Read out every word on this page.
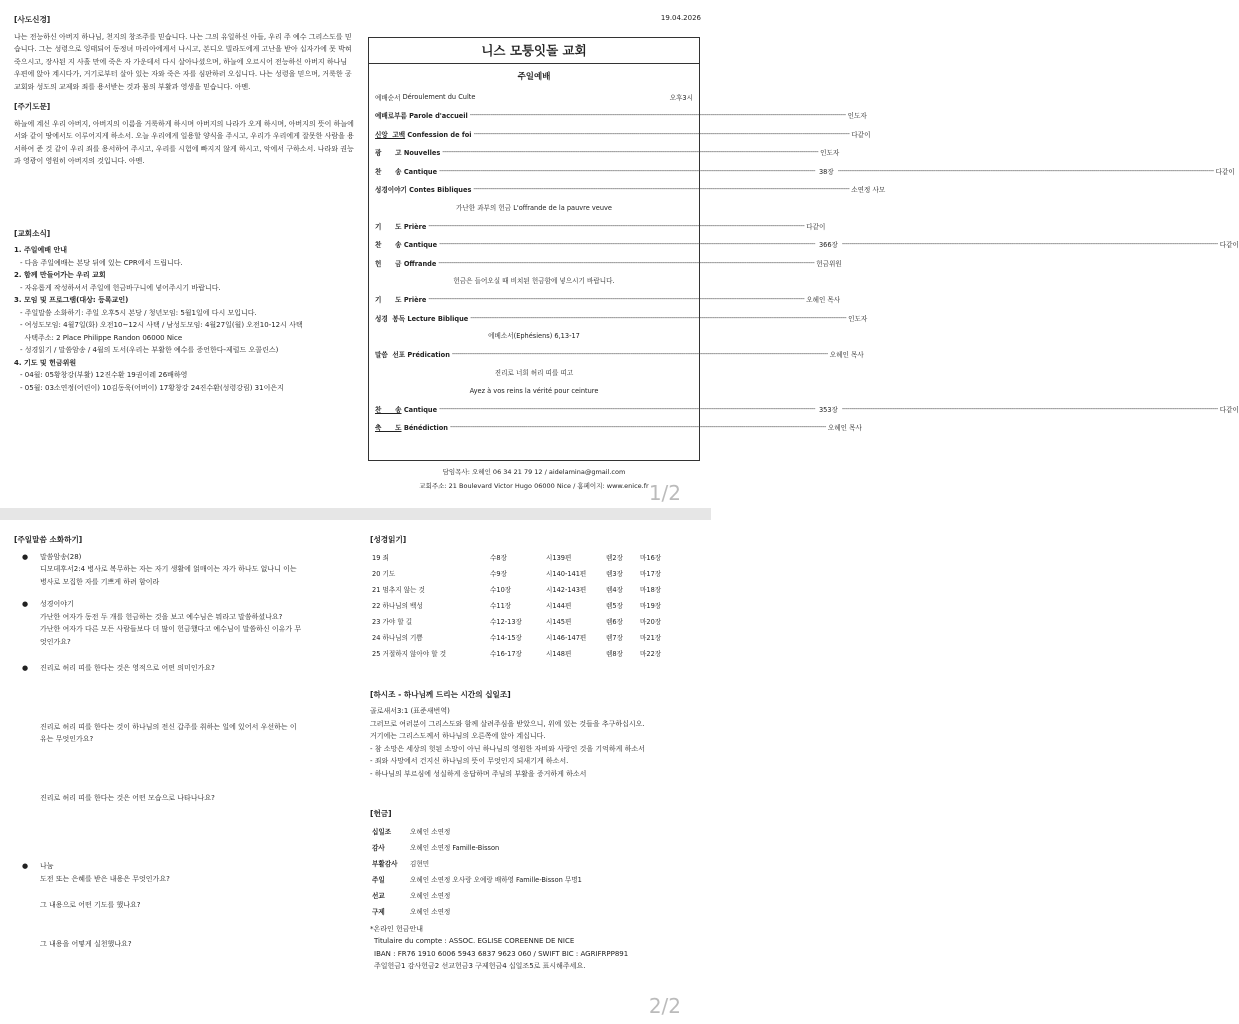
19.04.2026
[사도신경]
나는 전능하신 아버지 하나님, 천지의 창조주를 믿습니다. 나는 그의 유일하신 아들, 우리 주 예수 그리스도를 믿습니다. 그는 성령으로 잉태되어 동정녀 마리아에게서 나시고, 본디오 빌라도에게 고난을 받아 십자가에 못 박혀 죽으시고, 장사된 지 사흘 만에 죽은 자 가운데서 다시 살아나셨으며, 하늘에 오르시어 전능하신 아버지 하나님 우편에 앉아 계시다가, 거기로부터 살아 있는 자와 죽은 자를 심판하러 오십니다. 나는 성령을 믿으며, 거룩한 공교회와 성도의 교제와 죄를 용서받는 것과 몸의 부활과 영생을 믿습니다. 아멘.
[주기도문]
하늘에 계신 우리 아버지, 아버지의 이름을 거룩하게 하시며 아버지의 나라가 오게 하시며, 아버지의 뜻이 하늘에서와 같이 땅에서도 이루어지게 하소서. 오늘 우리에게 일용할 양식을 주시고, 우리가 우리에게 잘못한 사람을 용서하여 준 것 같이 우리 죄를 용서하여 주시고, 우리를 시험에 빠지지 않게 하시고, 악에서 구하소서. 나라와 권능과 영광이 영원히 아버지의 것입니다. 아멘.
[교회소식]
1. 주일예배 안내
- 다음 주일예배는 본당 뒤에 있는 CPR에서 드립니다.
2. 함께 만들어가는 우리 교회
- 자유롭게 작성하셔서 주일에 헌금바구니에 넣어주시기 바랍니다.
3. 모임 및 프로그램(대상: 등록교인)
- 주일말씀 소화하기: 주일 오후5시 본당 / 청년모임: 5월1일에 다시 모입니다.
- 여성도모임: 4월7일(화) 오전10~12시 사택 / 남성도모임: 4월27일(월) 오전10-12시 사택
사택주소: 2 Place Philippe Randon 06000 Nice
- 성경읽기 / 말씀암송 / 4월의 도서(우리는 부활한 예수를 증언한다-제럴드 오콜린스)
4. 기도 및 헌금위원
- 04월: 05황창강(부활) 12진수환 19권이레 26배하영
- 05월: 03소연정(어린이) 10김동욱(어버이) 17황창강 24진수환(성령강림) 31이은지
니스 모퉁잇돌 교회
주일예배
예배순서
Déroulement du Culte	오후3시
예배로부름 Parole d'accueil -------------------------------------------------------------------------------------------------------------------------------------------------------------------------------------------------------- 인도자
신앙  고백 Confession de foi -------------------------------------------------------------------------------------------------------------------------------------------------------------------------------------------------------- 다같이
광      고 Nouvelles -------------------------------------------------------------------------------------------------------------------------------------------------------------------------------------------------------- 인도자
찬      송 Cantique -------------------------------------------------------------------------------------------------------------------------------------------------------------------------------------------------------- 38장 -------------------------------------------------------------------------------------------------------------------------------------------------------------------------------------------------------- 다같이
성경이야기 Contes Bibliques -------------------------------------------------------------------------------------------------------------------------------------------------------------------------------------------------------- 소연정 사모
가난한 과부의 헌금 L'offrande de la pauvre veuve
기      도 Prière -------------------------------------------------------------------------------------------------------------------------------------------------------------------------------------------------------- 다같이
찬      송 Cantique -------------------------------------------------------------------------------------------------------------------------------------------------------------------------------------------------------- 366장 -------------------------------------------------------------------------------------------------------------------------------------------------------------------------------------------------------- 다같이
헌      금 Offrande -------------------------------------------------------------------------------------------------------------------------------------------------------------------------------------------------------- 헌금위원
헌금은 들어오실 때 비치된 헌금함에 넣으시기 바랍니다.
기      도 Prière -------------------------------------------------------------------------------------------------------------------------------------------------------------------------------------------------------- 오헤인 목사
성경  봉독 Lecture Biblique -------------------------------------------------------------------------------------------------------------------------------------------------------------------------------------------------------- 인도자
에베소서(Ephésiens) 6,13-17
말씀  선포 Prédication -------------------------------------------------------------------------------------------------------------------------------------------------------------------------------------------------------- 오헤인 목사
진리로 너희 허리 띠를 띠고
Ayez à vos reins la vérité pour ceinture
찬      송 Cantique -------------------------------------------------------------------------------------------------------------------------------------------------------------------------------------------------------- 353장 -------------------------------------------------------------------------------------------------------------------------------------------------------------------------------------------------------- 다같이
축      도 Bénédiction -------------------------------------------------------------------------------------------------------------------------------------------------------------------------------------------------------- 오헤인 목사
담임목사: 오헤인 06 34 21 79 12 / aidelamina@gmail.com
교회주소: 21 Boulevard Victor Hugo 06000 Nice / 홈페이지: www.enice.fr 1/2
[주일말씀 소화하기]
● 말씀암송(28)
디모데후서2:4 병사로 복무하는 자는 자기 생활에 얽매이는 자가 하나도 없나니 이는
병사로 모집한 자를 기쁘게 하려 함이라
● 성경이야기
가난한 여자가 동전 두 개를 헌금하는 것을 보고 예수님은 뭐라고 말씀하셨나요?
가난한 여자가 다른 모든 사람들보다 더 많이 헌금했다고 예수님이 말씀하신 이유가 무
엇인가요?
● 진리로 허리 띠를 한다는 것은 영적으로 어떤 의미인가요?
진리로 허리 띠를 한다는 것이 하나님의 전신 갑주를 취하는 일에 있어서 우선하는 이
유는 무엇인가요?
진리로 허리 띠를 한다는 것은 어떤 모습으로 나타나나요?
● 나눔
도전 또는 은혜를 받은 내용은 무엇인가요?
그 내용으로 어떤 기도를 했나요?
그 내용을 어떻게 실천했나요?
[성경읽기]
19 죄	수8장	시139편	렘2장	마16장
20 기도	수9장	시140-141편	렘3장	마17장
21 멈추지 않는 것	수10장	시142-143편	렘4장	마18장
22 하나님의 백성	수11장	시144편	렘5장	마19장
23 가야 할 길	수12-13장	시145편	렘6장	마20장
24 하나님의 기쁨	수14-15장	시146-147편	렘7장	마21장
25 거절하지 않아야 할 것	수16-17장	시148편	렘8장	마22장
[하시조 - 하나님께 드리는 시간의 십일조]
골로새서3:1 (표준새번역)
그러므로 여러분이 그리스도와 함께 살려주심을 받았으니, 위에 있는 것들을 추구하십시오.
거기에는 그리스도께서 하나님의 오른쪽에 앉아 계십니다.
- 참 소망은 세상의 헛된 소망이 아닌 하나님의 영원한 자비와 사랑인 것을 기억하게 하소서
- 죄와 사망에서 건지신 하나님의 뜻이 무엇인지 되새기게 하소서.
- 하나님의 부르심에 성실하게 응답하며 주님의 부활을 증거하게 하소서
[헌금]
십일조	오헤인 소연정
감사	오헤인 소연정 Famille-Bisson
부활감사	김현민
주일	오헤인 소연정 오사랑 오예랑 배하영 Famille-Bisson 무명1
선교	오헤인 소연정
구제	오헤인 소연정
*온라인 헌금안내
Titulaire du compte : ASSOC. EGLISE COREENNE DE NICE
IBAN : FR76 1910 6006 5943 6837 9623 060 / SWIFT BIC : AGRIFRPP891
주일헌금1 감사헌금2 선교헌금3 구제헌금4 십일조5로 표시해주세요.
2/2
